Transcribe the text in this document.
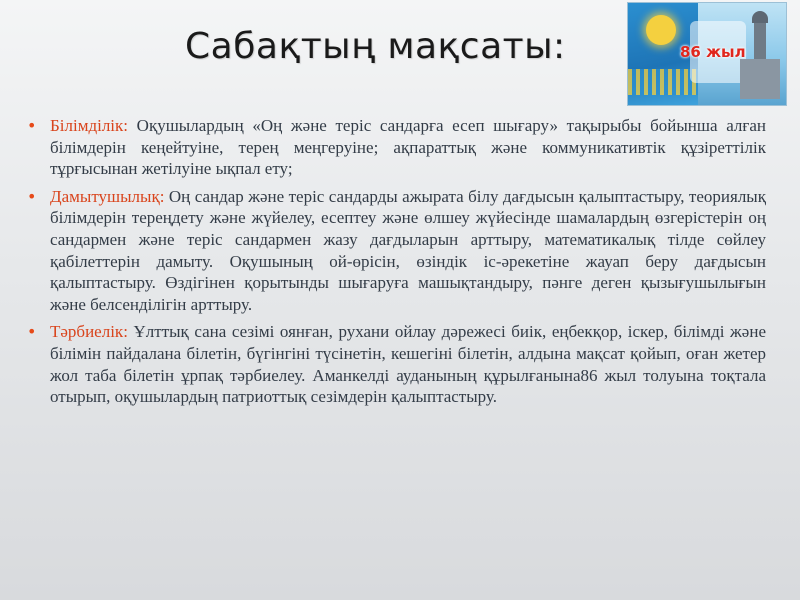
Сабақтың мақсаты:	86 жыл

• Білімділік: Оқушылардың «Оң және теріс сандарға есеп шығару» тақырыбы бойынша алған білімдерін кеңейтуіне, терең меңгеруіне; ақпараттық және коммуникативтік құзіреттілік тұрғысынан жетілуіне ықпал ету;

• Дамытушылық: Оң сандар және теріс сандарды ажырата білу дағдысын қалыптастыру, теориялық білімдерін тереңдету және жүйелеу, есептеу және өлшеу жүйесінде шамалардың өзгерістерін оң сандармен және теріс сандармен жазу дағдыларын арттыру, математикалық тілде сөйлеу қабілеттерін дамыту. Оқушының ой-өрісін, өзіндік іс-әрекетіне жауап беру дағдысын қалыптастыру. Өздігінен қорытынды шығаруға машықтандыру, пәнге деген қызығушылығын және белсенділігін арттыру.

• Тәрбиелік: Ұлттық сана сезімі оянған, рухани ойлау дәрежесі биік, еңбекқор, іскер, білімді және білімін пайдалана білетін, бүгінгіні түсінетін, кешегіні білетін, алдына мақсат қойып, оған жетер жол таба білетін ұрпақ тәрбиелеу. Аманкелді ауданының құрылғанына86 жыл толуына тоқтала отырып, оқушылардың патриоттық сезімдерін қалыптастыру.
